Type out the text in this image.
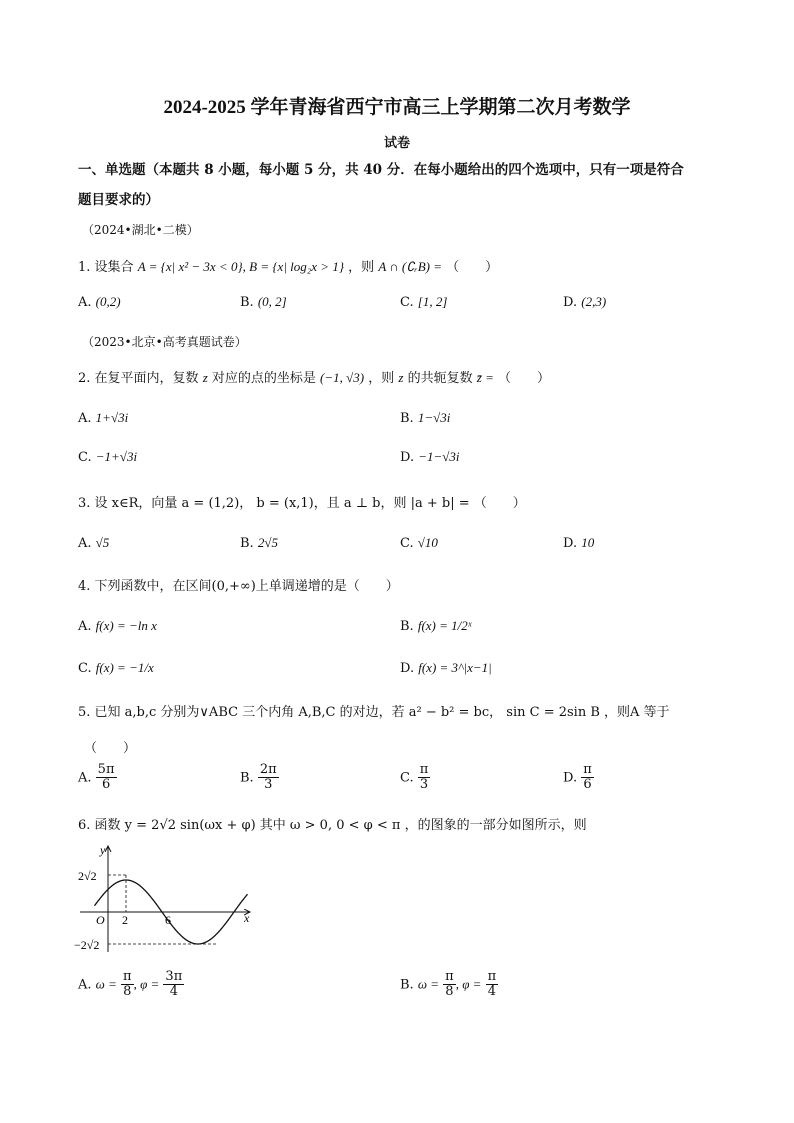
2024-2025 学年青海省西宁市高三上学期第二次月考数学
试卷
一、单选题（本题共 8 小题，每小题 5 分，共 40 分．在每小题给出的四个选项中，只有一项是符合
题目要求的）
（2024•湖北•二模）
1. 设集合 A = {x| x² − 3x < 0}, B = {x| log₂x > 1} ，则 A ∩ (∁ᵣB) = （　　）
A. (0,2)	B. (0, 2]	C. [1, 2]	D. (2,3)
（2023•北京•高考真题试卷）
2. 在复平面内，复数 z 对应的点的坐标是 (−1, √3) ，则 z 的共轭复数 z̄ = （　　）
A. 1+√3i	B. 1−√3i
C. −1+√3i	D. −1−√3i
3. 设 x∈R，向量 a = (1,2)， b = (x,1)，且 a ⊥ b，则 |a + b| = （　　）
A. √5	B. 2√5	C. √10	D. 10
4. 下列函数中，在区间(0,+∞)上单调递增的是（　　）
A. f(x) = −ln x	B. f(x) = 1/2ˣ
C. f(x) = −1/x	D. f(x) = 3^|x−1|
5. 已知 a,b,c 分别为∨ABC 三个内角 A,B,C 的对边，若 a² − b² = bc， sin C = 2sin B ，则A 等于
（　　）
A. $\frac{5\pi}{6}$	B. $\frac{2\pi}{3}$	C. $\frac{\pi}{3}$	D. $\frac{\pi}{6}$
6. 函数 y = 2√2 sin(ωx + φ) 其中 ω > 0, 0 < φ < π ，的图象的一部分如图所示，则
y
x
O
2√2
−2√2
2	6
A. $\omega = \frac{\pi}{8}$ , $\varphi = \frac{3\pi}{4}$	B. $\omega = \frac{\pi}{8}$ , $\varphi = \frac{\pi}{4}$
